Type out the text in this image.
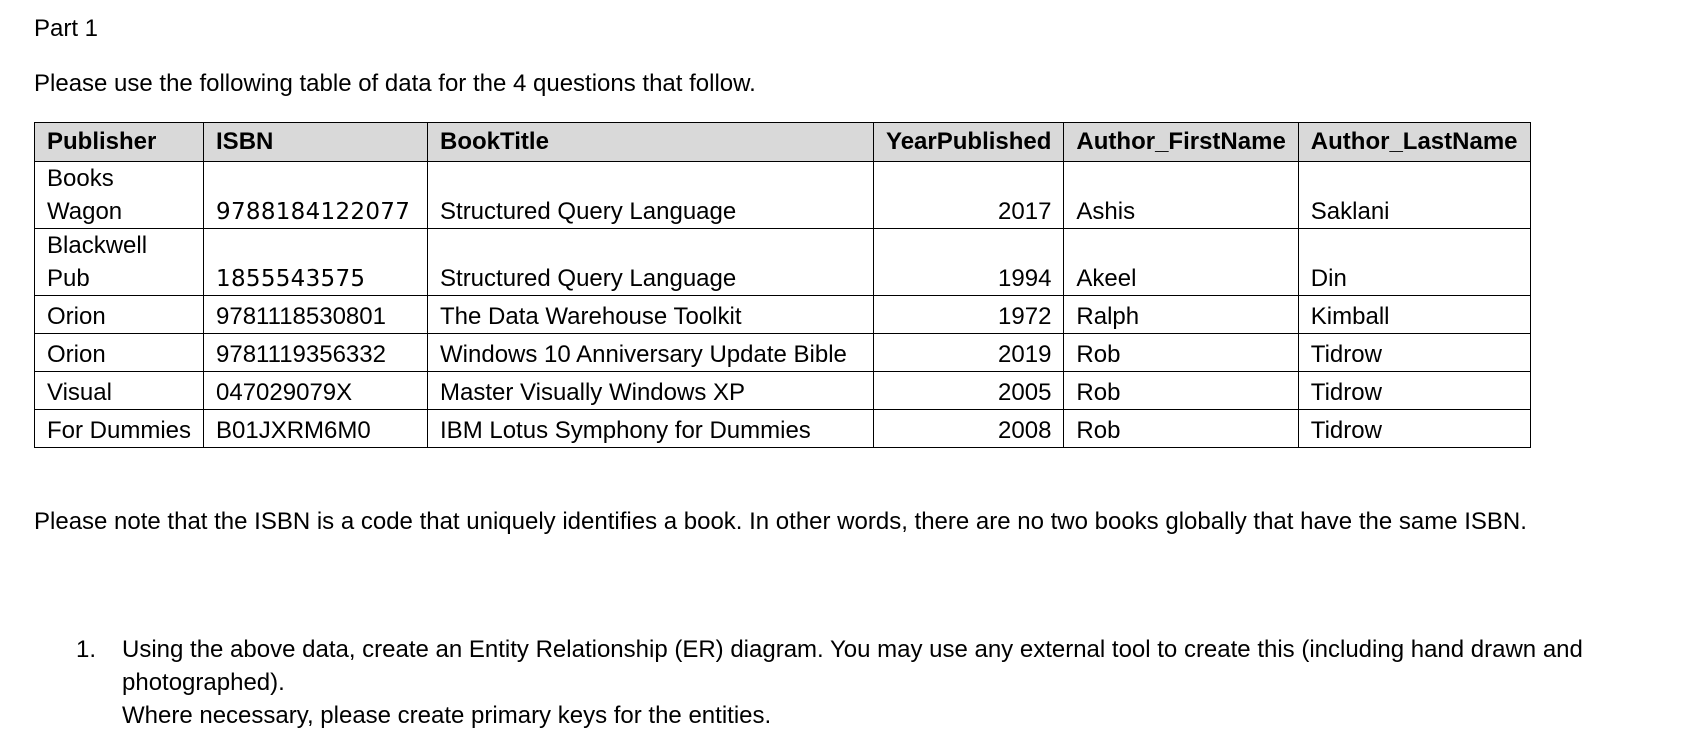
Part 1
Please use the following table of data for the 4 questions that follow.
Publisher	ISBN	BookTitle	YearPublished	Author_FirstName	Author_LastName
Books Wagon	9788184122077	Structured Query Language	2017	Ashis	Saklani
Blackwell Pub	1855543575	Structured Query Language	1994	Akeel	Din
Orion	9781118530801	The Data Warehouse Toolkit	1972	Ralph	Kimball
Orion	9781119356332	Windows 10 Anniversary Update Bible	2019	Rob	Tidrow
Visual	047029079X	Master Visually Windows XP	2005	Rob	Tidrow
For Dummies	B01JXRM6M0	IBM Lotus Symphony for Dummies	2008	Rob	Tidrow
Please note that the ISBN is a code that uniquely identifies a book. In other words, there are no two books globally that have the same ISBN.
1. Using the above data, create an Entity Relationship (ER) diagram. You may use any external tool to create this (including hand drawn and
photographed).
Where necessary, please create primary keys for the entities.
